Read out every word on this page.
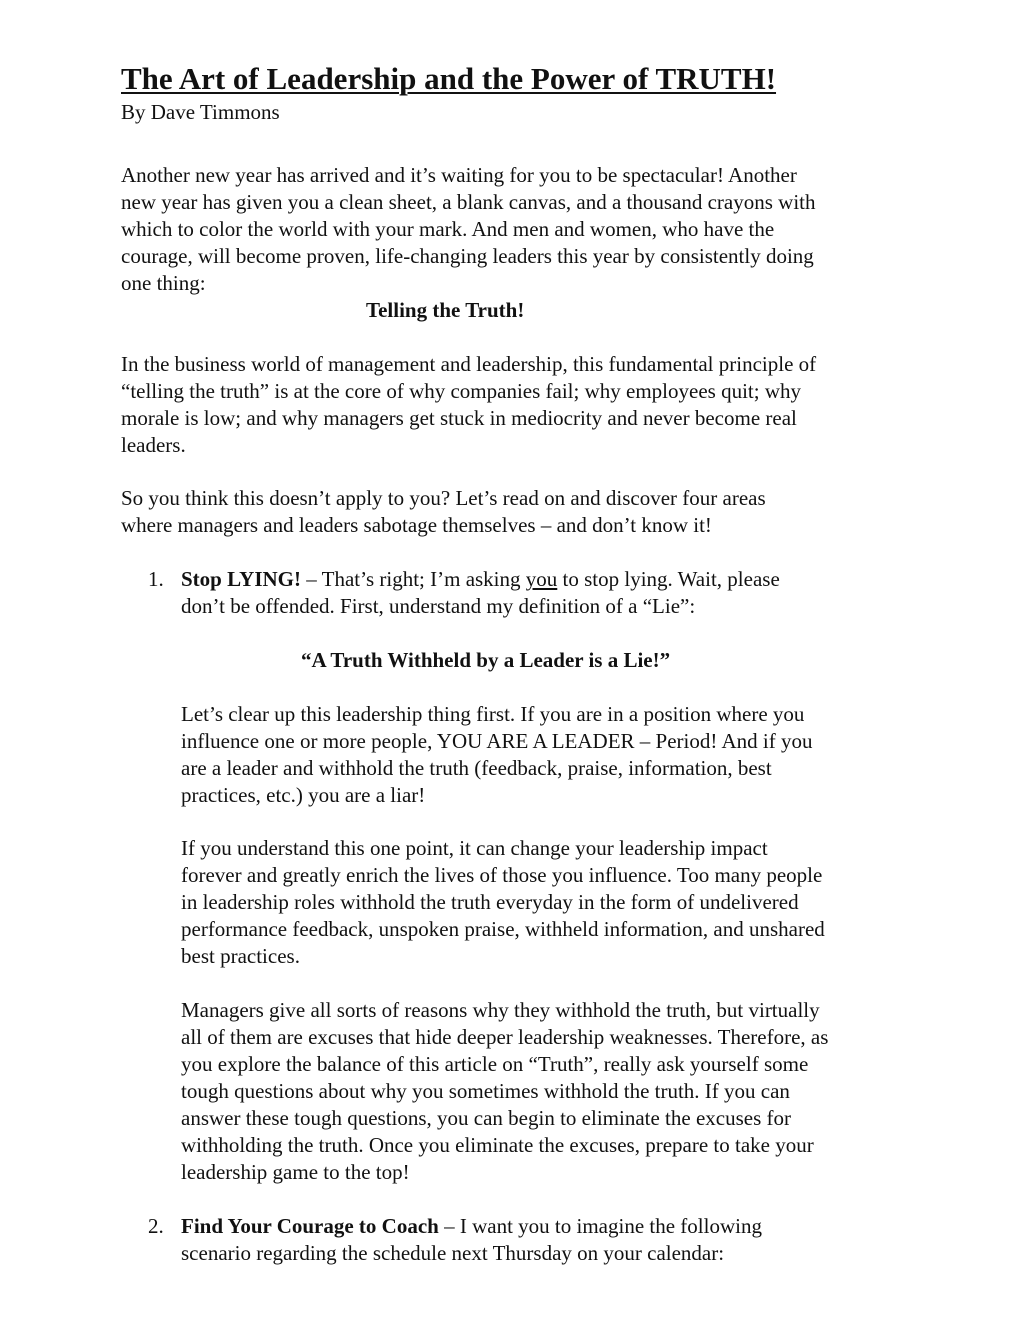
The Art of Leadership and the Power of TRUTH!
By Dave Timmons

Another new year has arrived and it’s waiting for you to be spectacular! Another

new year has given you a clean sheet, a blank canvas, and a thousand crayons with

which to color the world with your mark. And men and women, who have the

courage, will become proven, life-changing leaders this year by consistently doing

one thing:

Telling the Truth!

In the business world of management and leadership, this fundamental principle of

“telling the truth” is at the core of why companies fail; why employees quit; why

morale is low; and why managers get stuck in mediocrity and never become real

leaders.

So you think this doesn’t apply to you? Let’s read on and discover four areas

where managers and leaders sabotage themselves – and don’t know it!

1. Stop LYING! – That’s right; I’m asking you to stop lying. Wait, please

don’t be offended. First, understand my definition of a “Lie”:

“A Truth Withheld by a Leader is a Lie!”

Let’s clear up this leadership thing first. If you are in a position where you

influence one or more people, YOU ARE A LEADER – Period! And if you

are a leader and withhold the truth (feedback, praise, information, best

practices, etc.) you are a liar!

If you understand this one point, it can change your leadership impact

forever and greatly enrich the lives of those you influence. Too many people

in leadership roles withhold the truth everyday in the form of undelivered

performance feedback, unspoken praise, withheld information, and unshared

best practices.

Managers give all sorts of reasons why they withhold the truth, but virtually

all of them are excuses that hide deeper leadership weaknesses. Therefore, as

you explore the balance of this article on “Truth”, really ask yourself some

tough questions about why you sometimes withhold the truth. If you can

answer these tough questions, you can begin to eliminate the excuses for

withholding the truth. Once you eliminate the excuses, prepare to take your

leadership game to the top!

2. Find Your Courage to Coach – I want you to imagine the following

scenario regarding the schedule next Thursday on your calendar:
